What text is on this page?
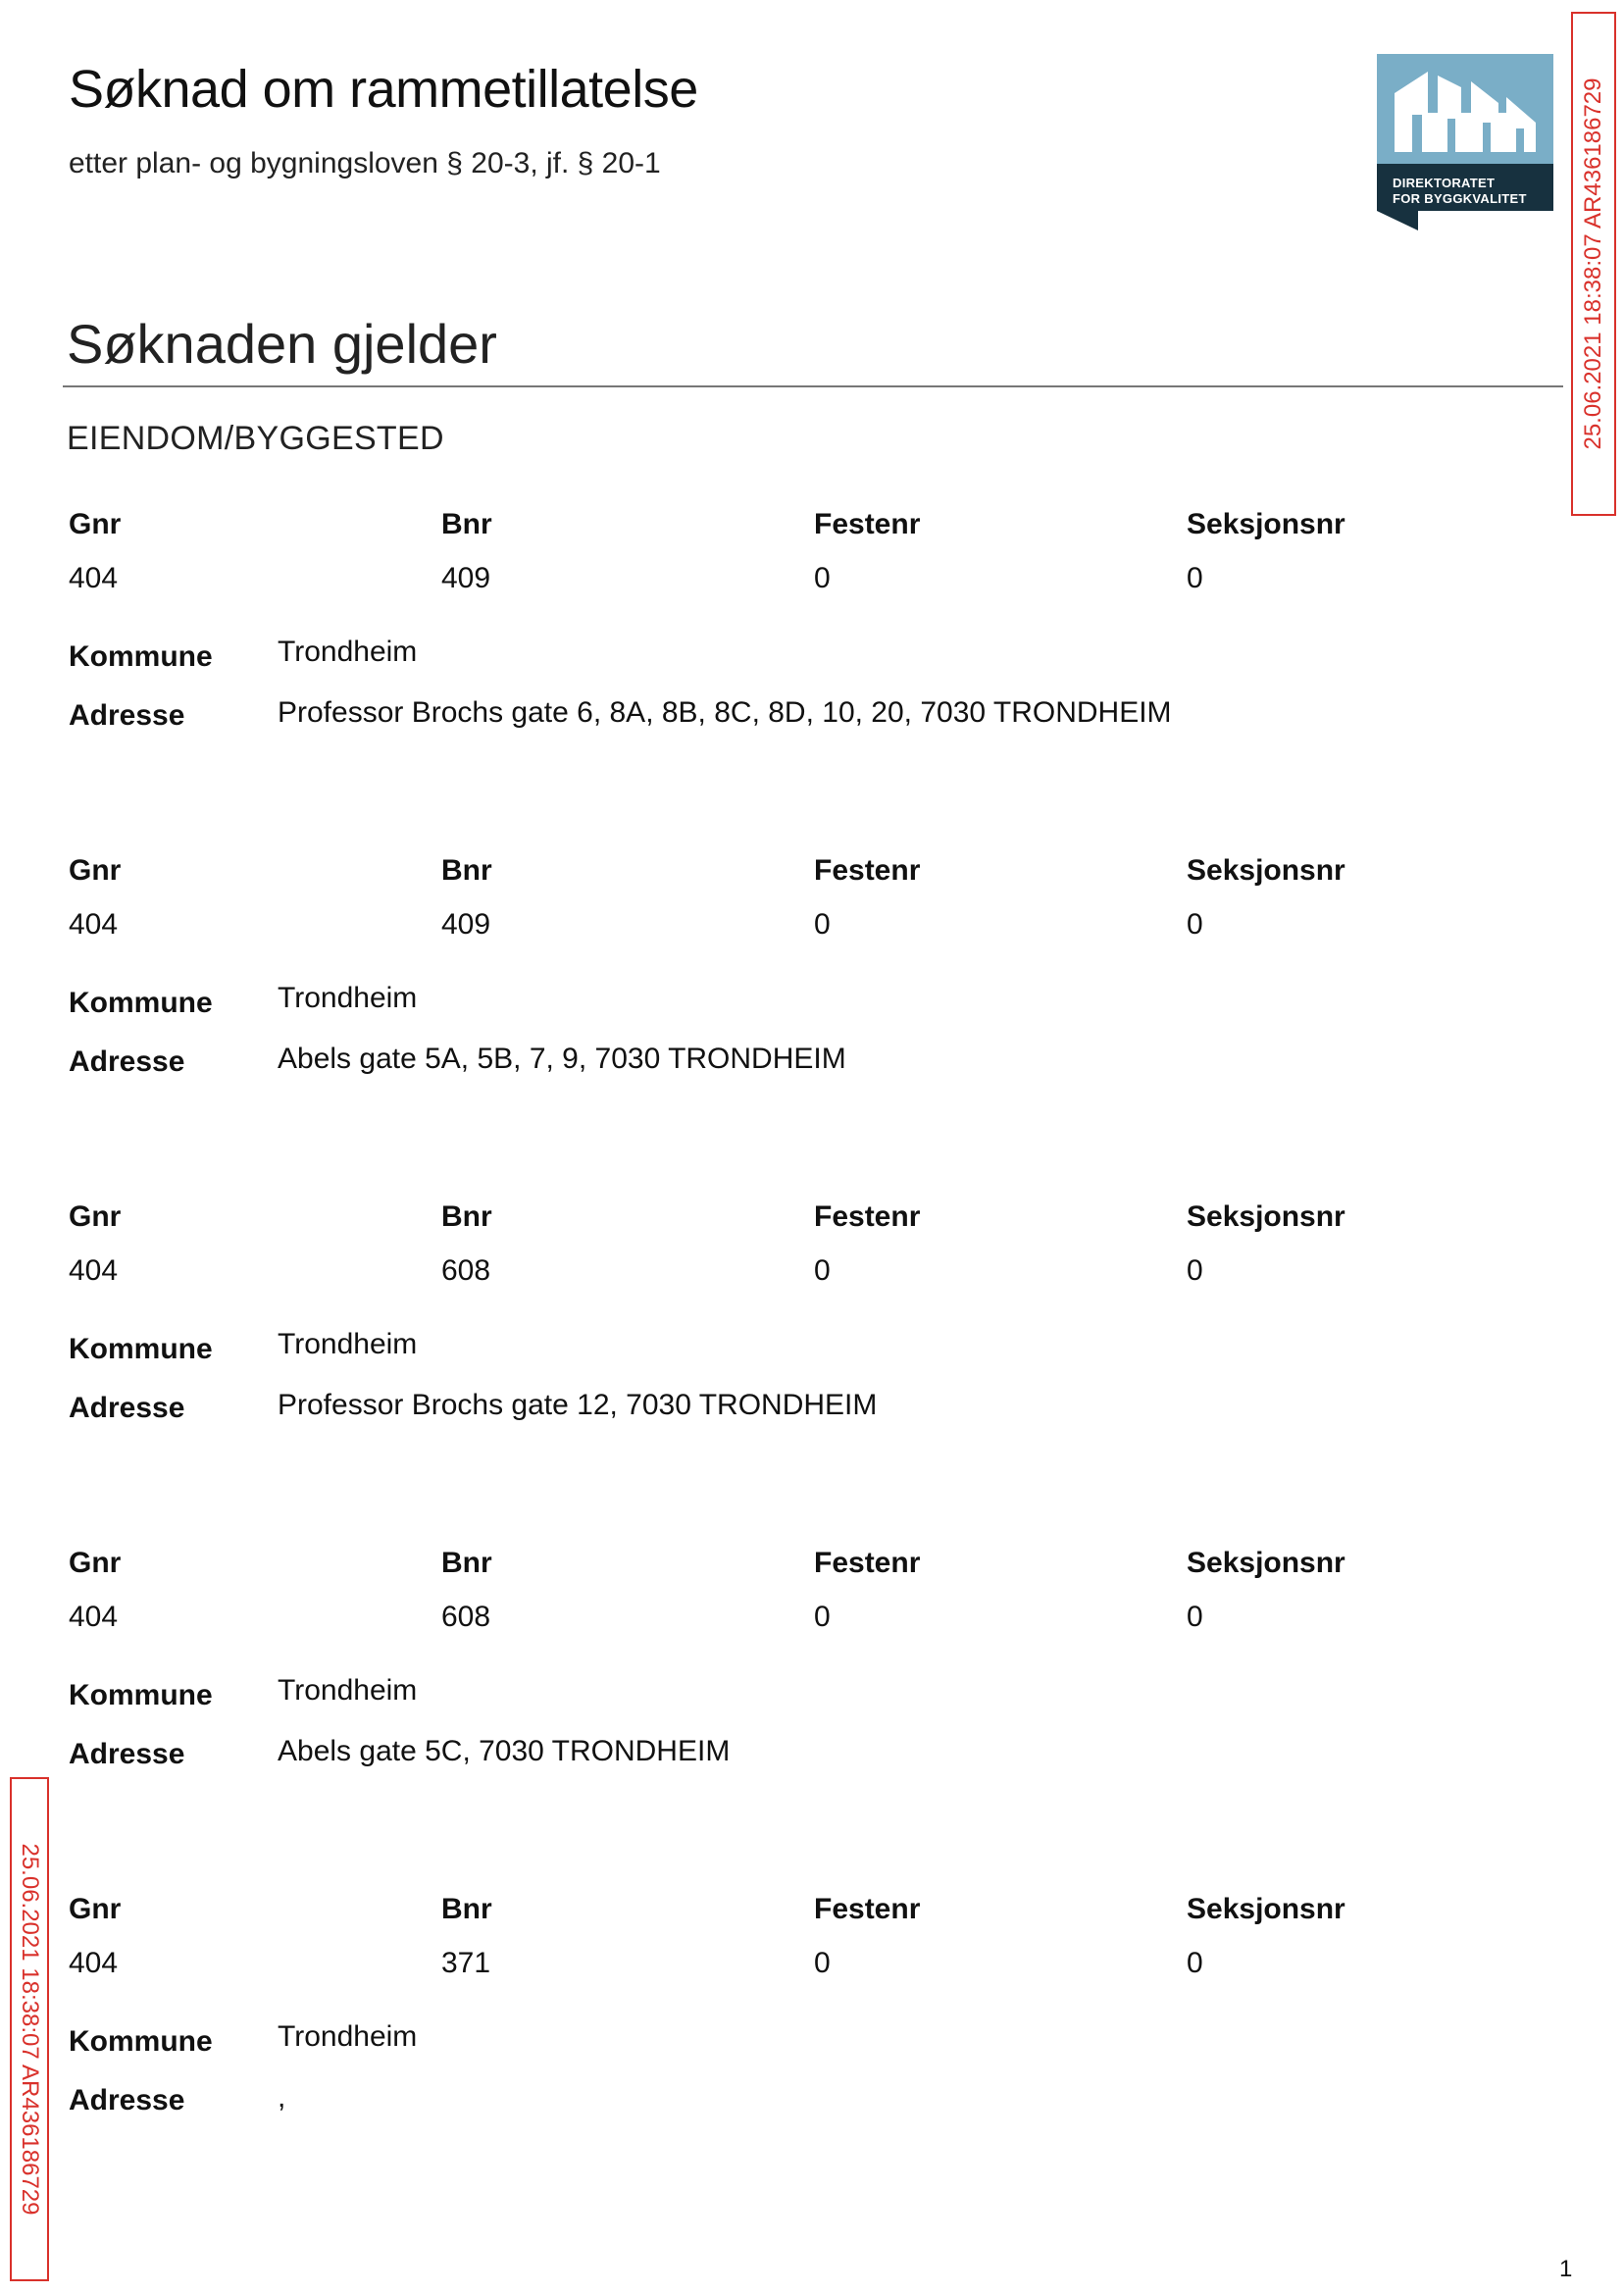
Søknad om rammetillatelse
etter plan- og bygningsloven § 20-3, jf. § 20-1
DIREKTORATET
FOR BYGGKVALITET
Søknaden gjelder
EIENDOM/BYGGESTED
Gnr	Bnr	Festenr	Seksjonsnr
404	409	0	0
Kommune Trondheim
Adresse	Professor Brochs gate 6, 8A, 8B, 8C, 8D, 10, 20, 7030 TRONDHEIM
Gnr	Bnr	Festenr	Seksjonsnr
404	409	0	0
Kommune Trondheim
Adresse	Abels gate 5A, 5B, 7, 9, 7030 TRONDHEIM
Gnr	Bnr	Festenr	Seksjonsnr
404	608	0	0
Kommune Trondheim
Adresse	Professor Brochs gate 12, 7030 TRONDHEIM
Gnr	Bnr	Festenr	Seksjonsnr
404	608	0	0
Kommune Trondheim
Adresse	Abels gate 5C, 7030 TRONDHEIM
Gnr	Bnr	Festenr	Seksjonsnr
404	371	0	0
Kommune Trondheim
Adresse	,
25.06.2021 18:38:07 AR436186729
25.06.2021 18:38:07 AR436186729
1
